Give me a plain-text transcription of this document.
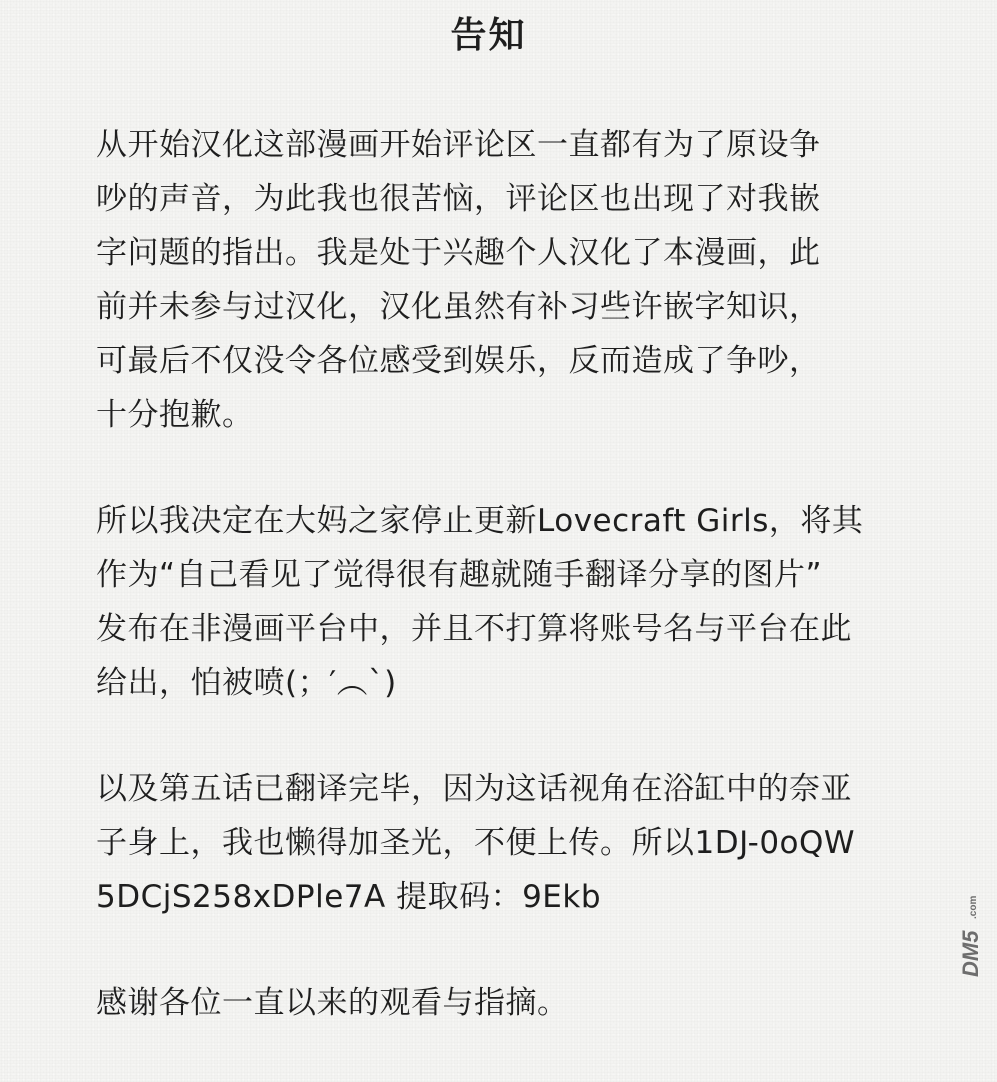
告知
从开始汉化这部漫画开始评论区一直都有为了原设争
吵的声音，为此我也很苦恼，评论区也出现了对我嵌
字问题的指出。我是处于兴趣个人汉化了本漫画，此
前并未参与过汉化，汉化虽然有补习些许嵌字知识，
可最后不仅没令各位感受到娱乐，反而造成了争吵，
十分抱歉。
所以我决定在大妈之家停止更新Lovecraft Girls，将其
作为“自己看见了觉得很有趣就随手翻译分享的图片”
发布在非漫画平台中，并且不打算将账号名与平台在此
给出，怕被喷(；′︵`)
以及第五话已翻译完毕，因为这话视角在浴缸中的奈亚
子身上，我也懒得加圣光，不便上传。所以1DJ-0oQW
5DCjS258xDPle7A 提取码：9Ekb
感谢各位一直以来的观看与指摘。
DM5
.com
